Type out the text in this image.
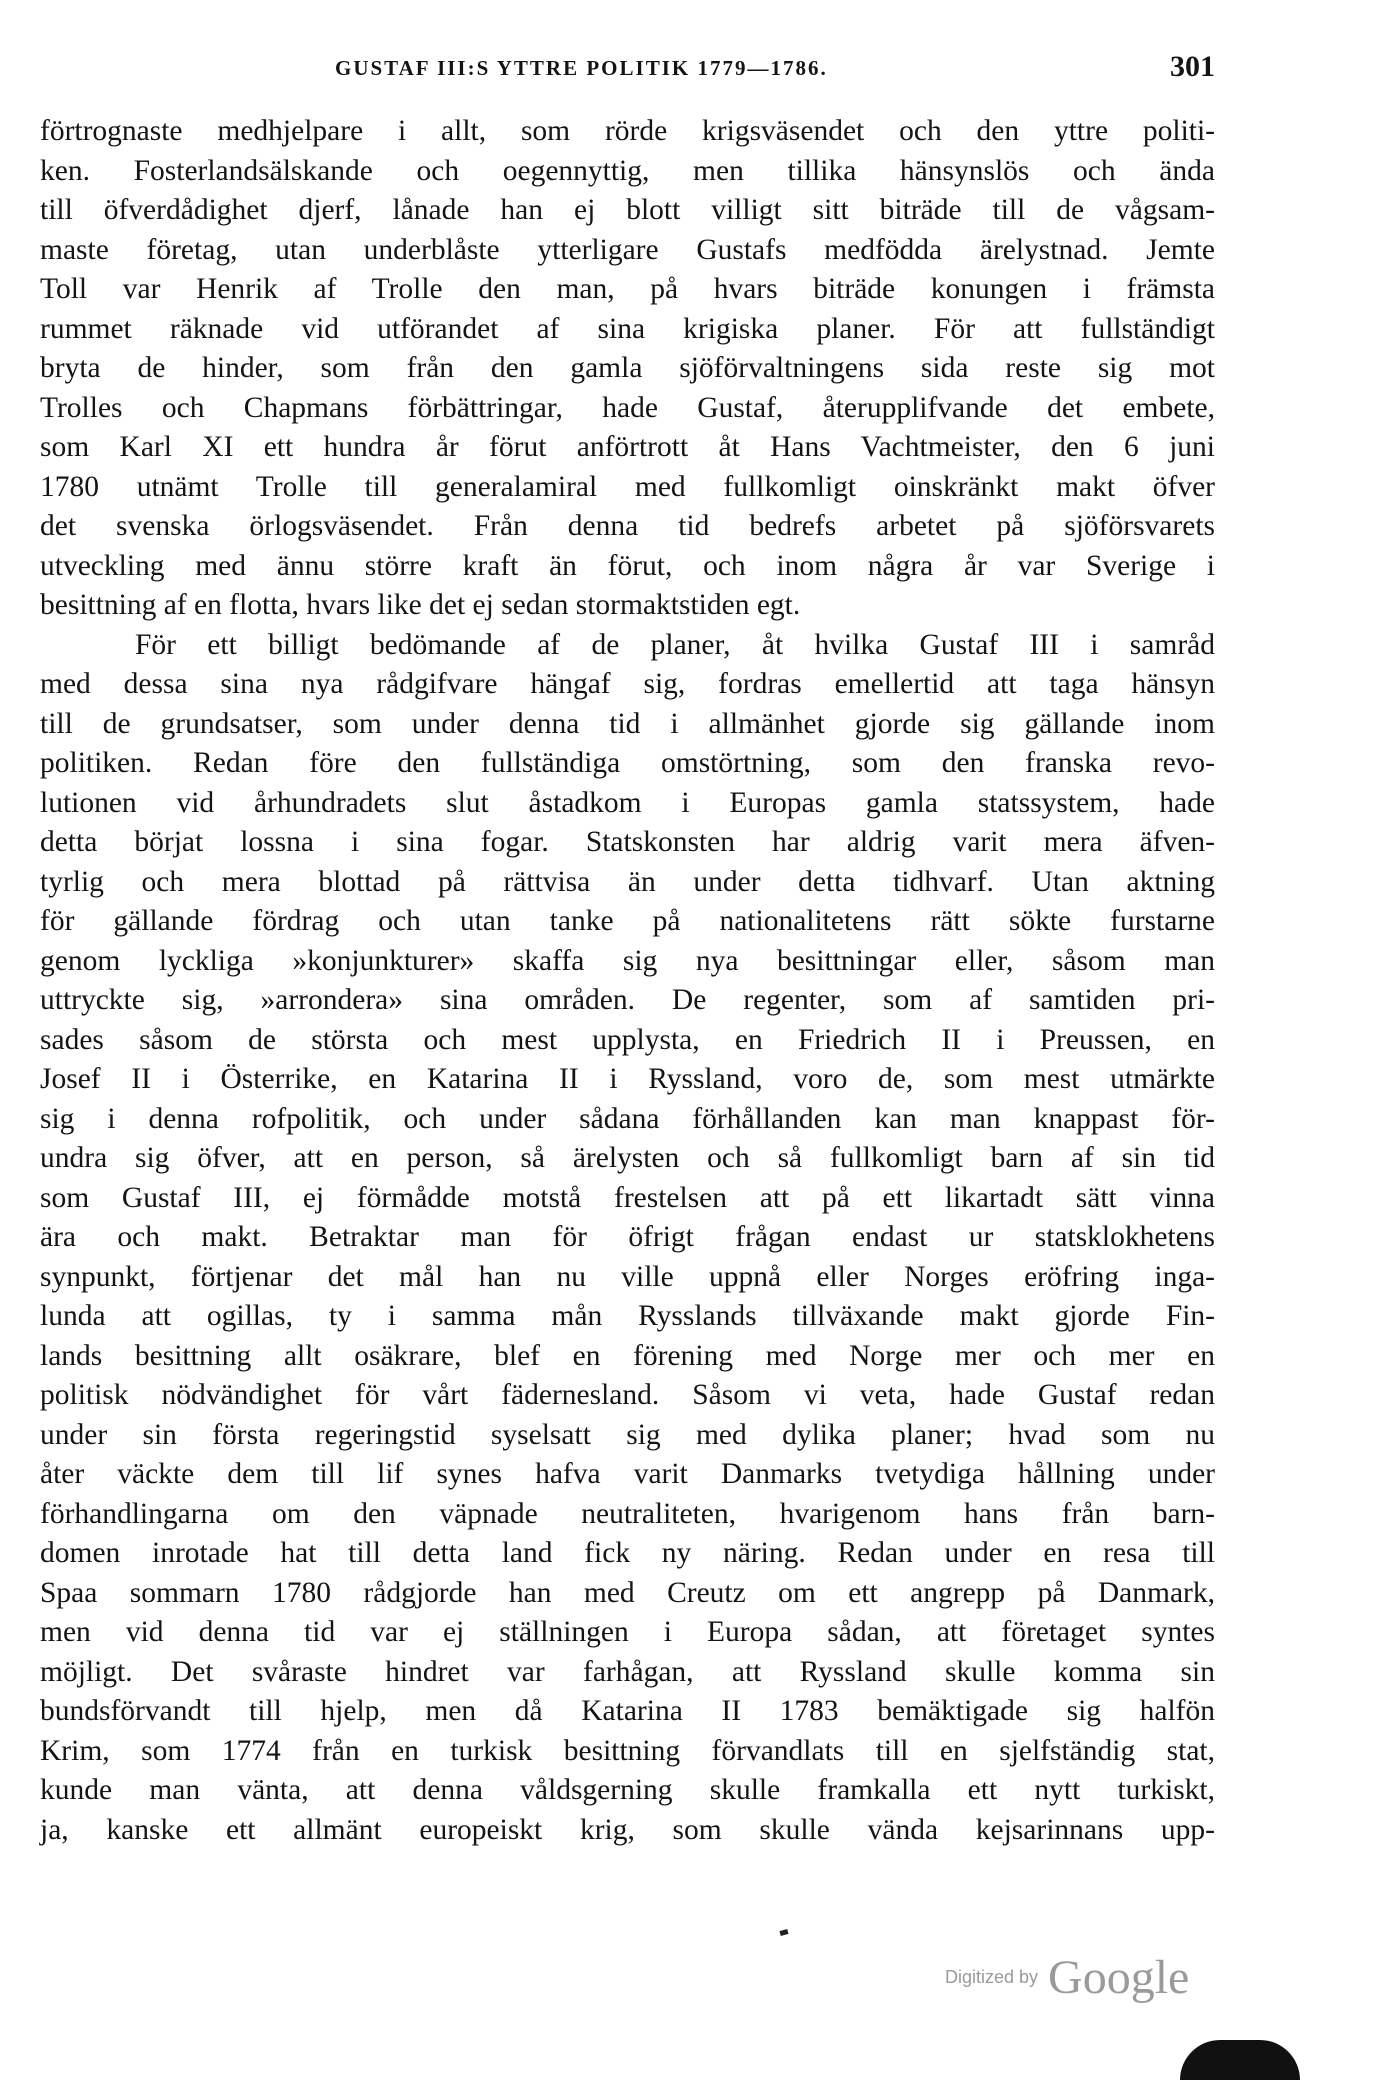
GUSTAF III:S YTTRE POLITIK 1779—1786.	301
förtrognaste medhjelpare i allt, som rörde krigsväsendet och den yttre politi-
ken. Fosterlandsälskande och oegennyttig, men tillika hänsynslös och ända
till öfverdådighet djerf, lånade han ej blott villigt sitt biträde till de vågsam-
maste företag, utan underblåste ytterligare Gustafs medfödda ärelystnad. Jemte
Toll var Henrik af Trolle den man, på hvars biträde konungen i främsta
rummet räknade vid utförandet af sina krigiska planer. För att fullständigt
bryta de hinder, som från den gamla sjöförvaltningens sida reste sig mot
Trolles och Chapmans förbättringar, hade Gustaf, återupplifvande det embete,
som Karl XI ett hundra år förut anförtrott åt Hans Vachtmeister, den 6 juni
1780 utnämt Trolle till generalamiral med fullkomligt oinskränkt makt öfver
det svenska örlogsväsendet. Från denna tid bedrefs arbetet på sjöförsvarets
utveckling med ännu större kraft än förut, och inom några år var Sverige i
besittning af en flotta, hvars like det ej sedan stormaktstiden egt.
För ett billigt bedömande af de planer, åt hvilka Gustaf III i samråd
med dessa sina nya rådgifvare hängaf sig, fordras emellertid att taga hänsyn
till de grundsatser, som under denna tid i allmänhet gjorde sig gällande inom
politiken. Redan före den fullständiga omstörtning, som den franska revo-
lutionen vid århundradets slut åstadkom i Europas gamla statssystem, hade
detta börjat lossna i sina fogar. Statskonsten har aldrig varit mera äfven-
tyrlig och mera blottad på rättvisa än under detta tidhvarf. Utan aktning
för gällande fördrag och utan tanke på nationalitetens rätt sökte furstarne
genom lyckliga »konjunkturer» skaffa sig nya besittningar eller, såsom man
uttryckte sig, »arrondera» sina områden. De regenter, som af samtiden pri-
sades såsom de största och mest upplysta, en Friedrich II i Preussen, en
Josef II i Österrike, en Katarina II i Ryssland, voro de, som mest utmärkte
sig i denna rofpolitik, och under sådana förhållanden kan man knappast för-
undra sig öfver, att en person, så ärelysten och så fullkomligt barn af sin tid
som Gustaf III, ej förmådde motstå frestelsen att på ett likartadt sätt vinna
ära och makt. Betraktar man för öfrigt frågan endast ur statsklokhetens
synpunkt, förtjenar det mål han nu ville uppnå eller Norges eröfring inga-
lunda att ogillas, ty i samma mån Rysslands tillväxande makt gjorde Fin-
lands besittning allt osäkrare, blef en förening med Norge mer och mer en
politisk nödvändighet för vårt fädernesland. Såsom vi veta, hade Gustaf redan
under sin första regeringstid syselsatt sig med dylika planer; hvad som nu
åter väckte dem till lif synes hafva varit Danmarks tvetydiga hållning under
förhandlingarna om den väpnade neutraliteten, hvarigenom hans från barn-
domen inrotade hat till detta land fick ny näring. Redan under en resa till
Spaa sommarn 1780 rådgjorde han med Creutz om ett angrepp på Danmark,
men vid denna tid var ej ställningen i Europa sådan, att företaget syntes
möjligt. Det svåraste hindret var farhågan, att Ryssland skulle komma sin
bundsförvandt till hjelp, men då Katarina II 1783 bemäktigade sig halfön
Krim, som 1774 från en turkisk besittning förvandlats till en sjelfständig stat,
kunde man vänta, att denna våldsgerning skulle framkalla ett nytt turkiskt,
ja, kanske ett allmänt europeiskt krig, som skulle vända kejsarinnans upp-
Digitized by Google
